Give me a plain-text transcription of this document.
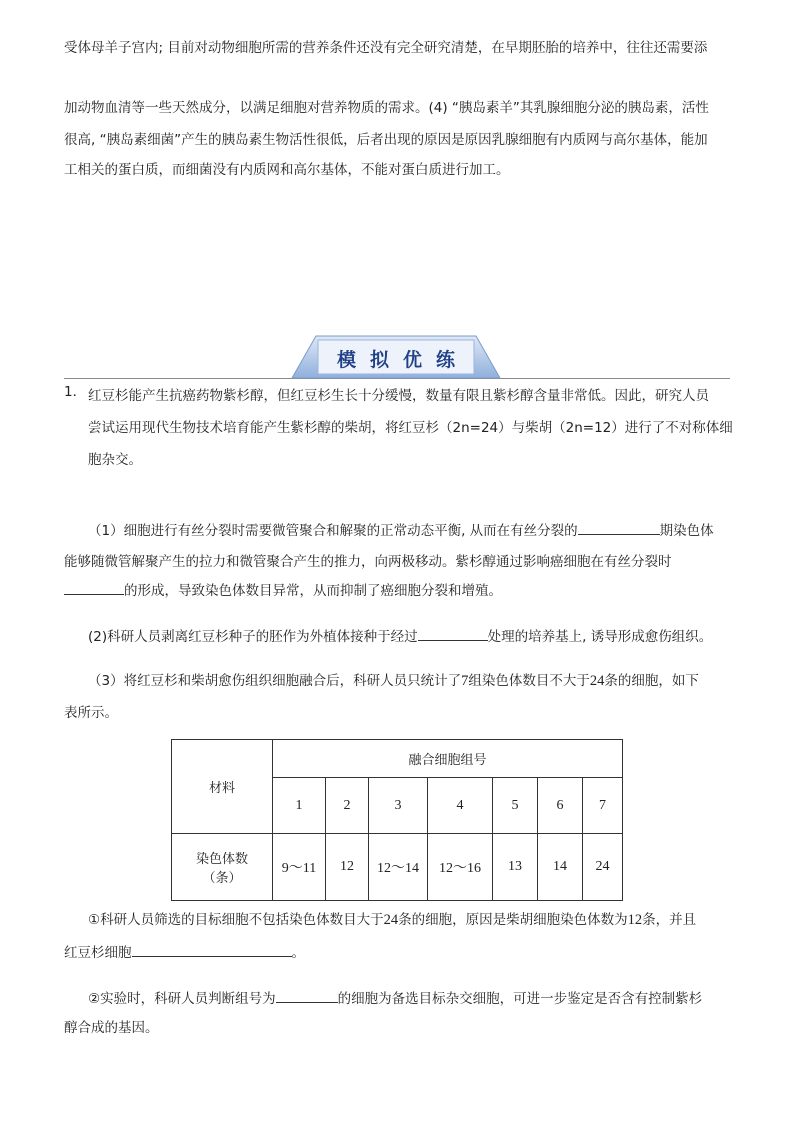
受体母羊子宫内; 目前对动物细胞所需的营养条件还没有完全研究清楚，在早期胚胎的培养中，往往还需要添
加动物血清等一些天然成分，以满足细胞对营养物质的需求。(4) “胰岛素羊”其乳腺细胞分泌的胰岛素，活性
很高, “胰岛素细菌”产生的胰岛素生物活性很低，后者出现的原因是原因乳腺细胞有内质网与高尔基体，能加
工相关的蛋白质，而细菌没有内质网和高尔基体，不能对蛋白质进行加工。
模拟优练
1． 红豆杉能产生抗癌药物紫杉醇，但红豆杉生长十分缓慢，数量有限且紫杉醇含量非常低。因此，研究人员
尝试运用现代生物技术培育能产生紫杉醇的柴胡，将红豆杉（2n=24）与柴胡（2n=12）进行了不对称体细
胞杂交。
（1）细胞进行有丝分裂时需要微管聚合和解聚的正常动态平衡, 从而在有丝分裂的	期染色体
能够随微管解聚产生的拉力和微管聚合产生的推力，向两极移动。紫杉醇通过影响癌细胞在有丝分裂时
的形成，导致染色体数目异常，从而抑制了癌细胞分裂和增殖。
(2)科研人员剥离红豆杉种子的胚作为外植体接种于经过	处理的培养基上, 诱导形成愈伤组织。
（3）将红豆杉和柴胡愈伤组织细胞融合后，科研人员只统计了7组染色体数目不大于24条的细胞，如下
表所示。
材料	融合细胞组号						
	1	2	3	4	5	6	7

染色体数
（条）	9～11	12	12～14	12～16	13	14	24
①科研人员筛选的目标细胞不包括染色体数目大于24条的细胞，原因是柴胡细胞染色体数为12条，并且
红豆杉细胞	。
②实验时，科研人员判断组号为	的细胞为备选目标杂交细胞，可进一步鉴定是否含有控制紫杉
醇合成的基因。
